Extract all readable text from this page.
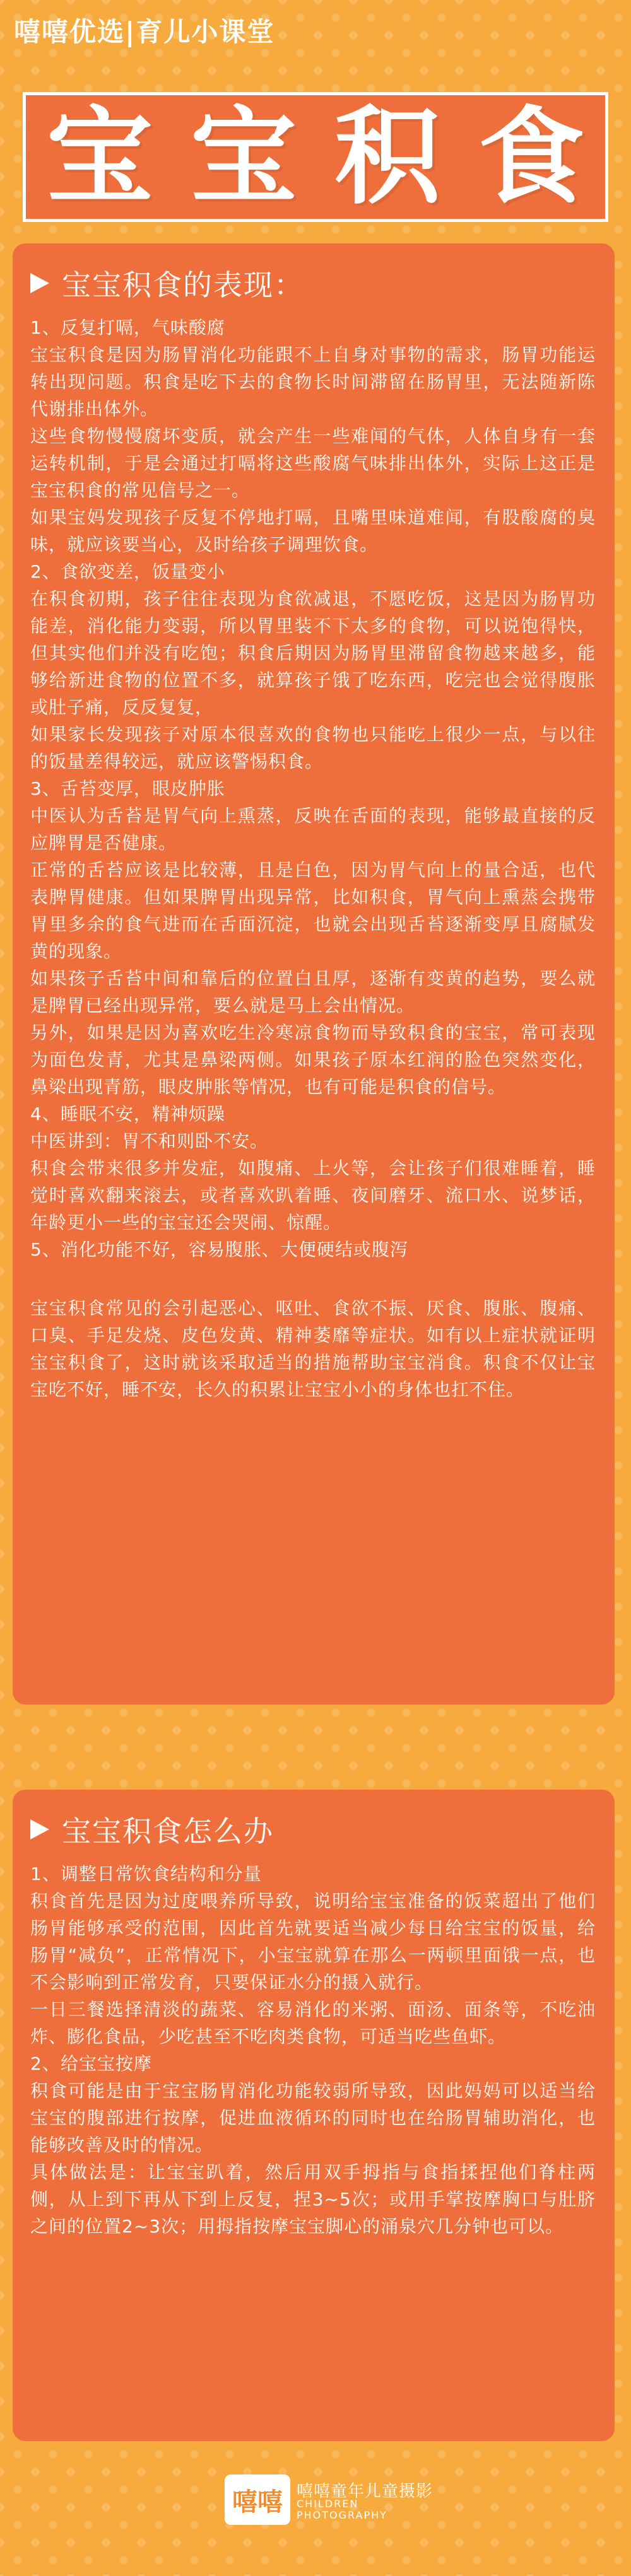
嘻嘻优选|育儿小课堂
宝宝积食
宝宝积食的表现：

1、反复打嗝，气味酸腐

宝宝积食是因为肠胃消化功能跟不上自身对事物的需求，肠胃功能运转出现问题。积食是吃下去的食物长时间滞留在肠胃里，无法随新陈代谢排出体外。

这些食物慢慢腐坏变质，就会产生一些难闻的气体，人体自身有一套运转机制，于是会通过打嗝将这些酸腐气味排出体外，实际上这正是宝宝积食的常见信号之一。

如果宝妈发现孩子反复不停地打嗝，且嘴里味道难闻，有股酸腐的臭味，就应该要当心，及时给孩子调理饮食。

2、食欲变差，饭量变小

在积食初期，孩子往往表现为食欲减退，不愿吃饭，这是因为肠胃功能差，消化能力变弱，所以胃里装不下太多的食物，可以说饱得快，但其实他们并没有吃饱；积食后期因为肠胃里滞留食物越来越多，能够给新进食物的位置不多，就算孩子饿了吃东西，吃完也会觉得腹胀或肚子痛，反反复复，

如果家长发现孩子对原本很喜欢的食物也只能吃上很少一点，与以往的饭量差得较远，就应该警惕积食。

3、舌苔变厚，眼皮肿胀

中医认为舌苔是胃气向上熏蒸，反映在舌面的表现，能够最直接的反应脾胃是否健康。

正常的舌苔应该是比较薄，且是白色，因为胃气向上的量合适，也代表脾胃健康。但如果脾胃出现异常，比如积食，胃气向上熏蒸会携带胃里多余的食气进而在舌面沉淀，也就会出现舌苔逐渐变厚且腐腻发黄的现象。

如果孩子舌苔中间和靠后的位置白且厚，逐渐有变黄的趋势，要么就是脾胃已经出现异常，要么就是马上会出情况。

另外，如果是因为喜欢吃生冷寒凉食物而导致积食的宝宝，常可表现为面色发青，尤其是鼻梁两侧。如果孩子原本红润的脸色突然变化，鼻梁出现青筋，眼皮肿胀等情况，也有可能是积食的信号。

4、睡眠不安，精神烦躁

中医讲到：胃不和则卧不安。

积食会带来很多并发症，如腹痛、上火等，会让孩子们很难睡着，睡觉时喜欢翻来滚去，或者喜欢趴着睡、夜间磨牙、流口水、说梦话，年龄更小一些的宝宝还会哭闹、惊醒。

5、消化功能不好，容易腹胀、大便硬结或腹泻

宝宝积食常见的会引起恶心、呕吐、食欲不振、厌食、腹胀、腹痛、口臭、手足发烧、皮色发黄、精神萎靡等症状。如有以上症状就证明宝宝积食了，这时就该采取适当的措施帮助宝宝消食。积食不仅让宝宝吃不好，睡不安，长久的积累让宝宝小小的身体也扛不住。

宝宝积食怎么办

1、调整日常饮食结构和分量

积食首先是因为过度喂养所导致，说明给宝宝准备的饭菜超出了他们肠胃能够承受的范围，因此首先就要适当减少每日给宝宝的饭量，给肠胃“减负”，正常情况下，小宝宝就算在那么一两顿里面饿一点，也不会影响到正常发育，只要保证水分的摄入就行。

一日三餐选择清淡的蔬菜、容易消化的米粥、面汤、面条等，不吃油炸、膨化食品，少吃甚至不吃肉类食物，可适当吃些鱼虾。

2、给宝宝按摩

积食可能是由于宝宝肠胃消化功能较弱所导致，因此妈妈可以适当给宝宝的腹部进行按摩，促进血液循环的同时也在给肠胃辅助消化，也能够改善及时的情况。

具体做法是：让宝宝趴着，然后用双手拇指与食指揉捏他们脊柱两侧，从上到下再从下到上反复，捏3~5次；或用手掌按摩胸口与肚脐之间的位置2~3次；用拇指按摩宝宝脚心的涌泉穴几分钟也可以。

嘻嘻 嘻嘻童年儿童摄影
CHILDREN
PHOTOGRAPHY
